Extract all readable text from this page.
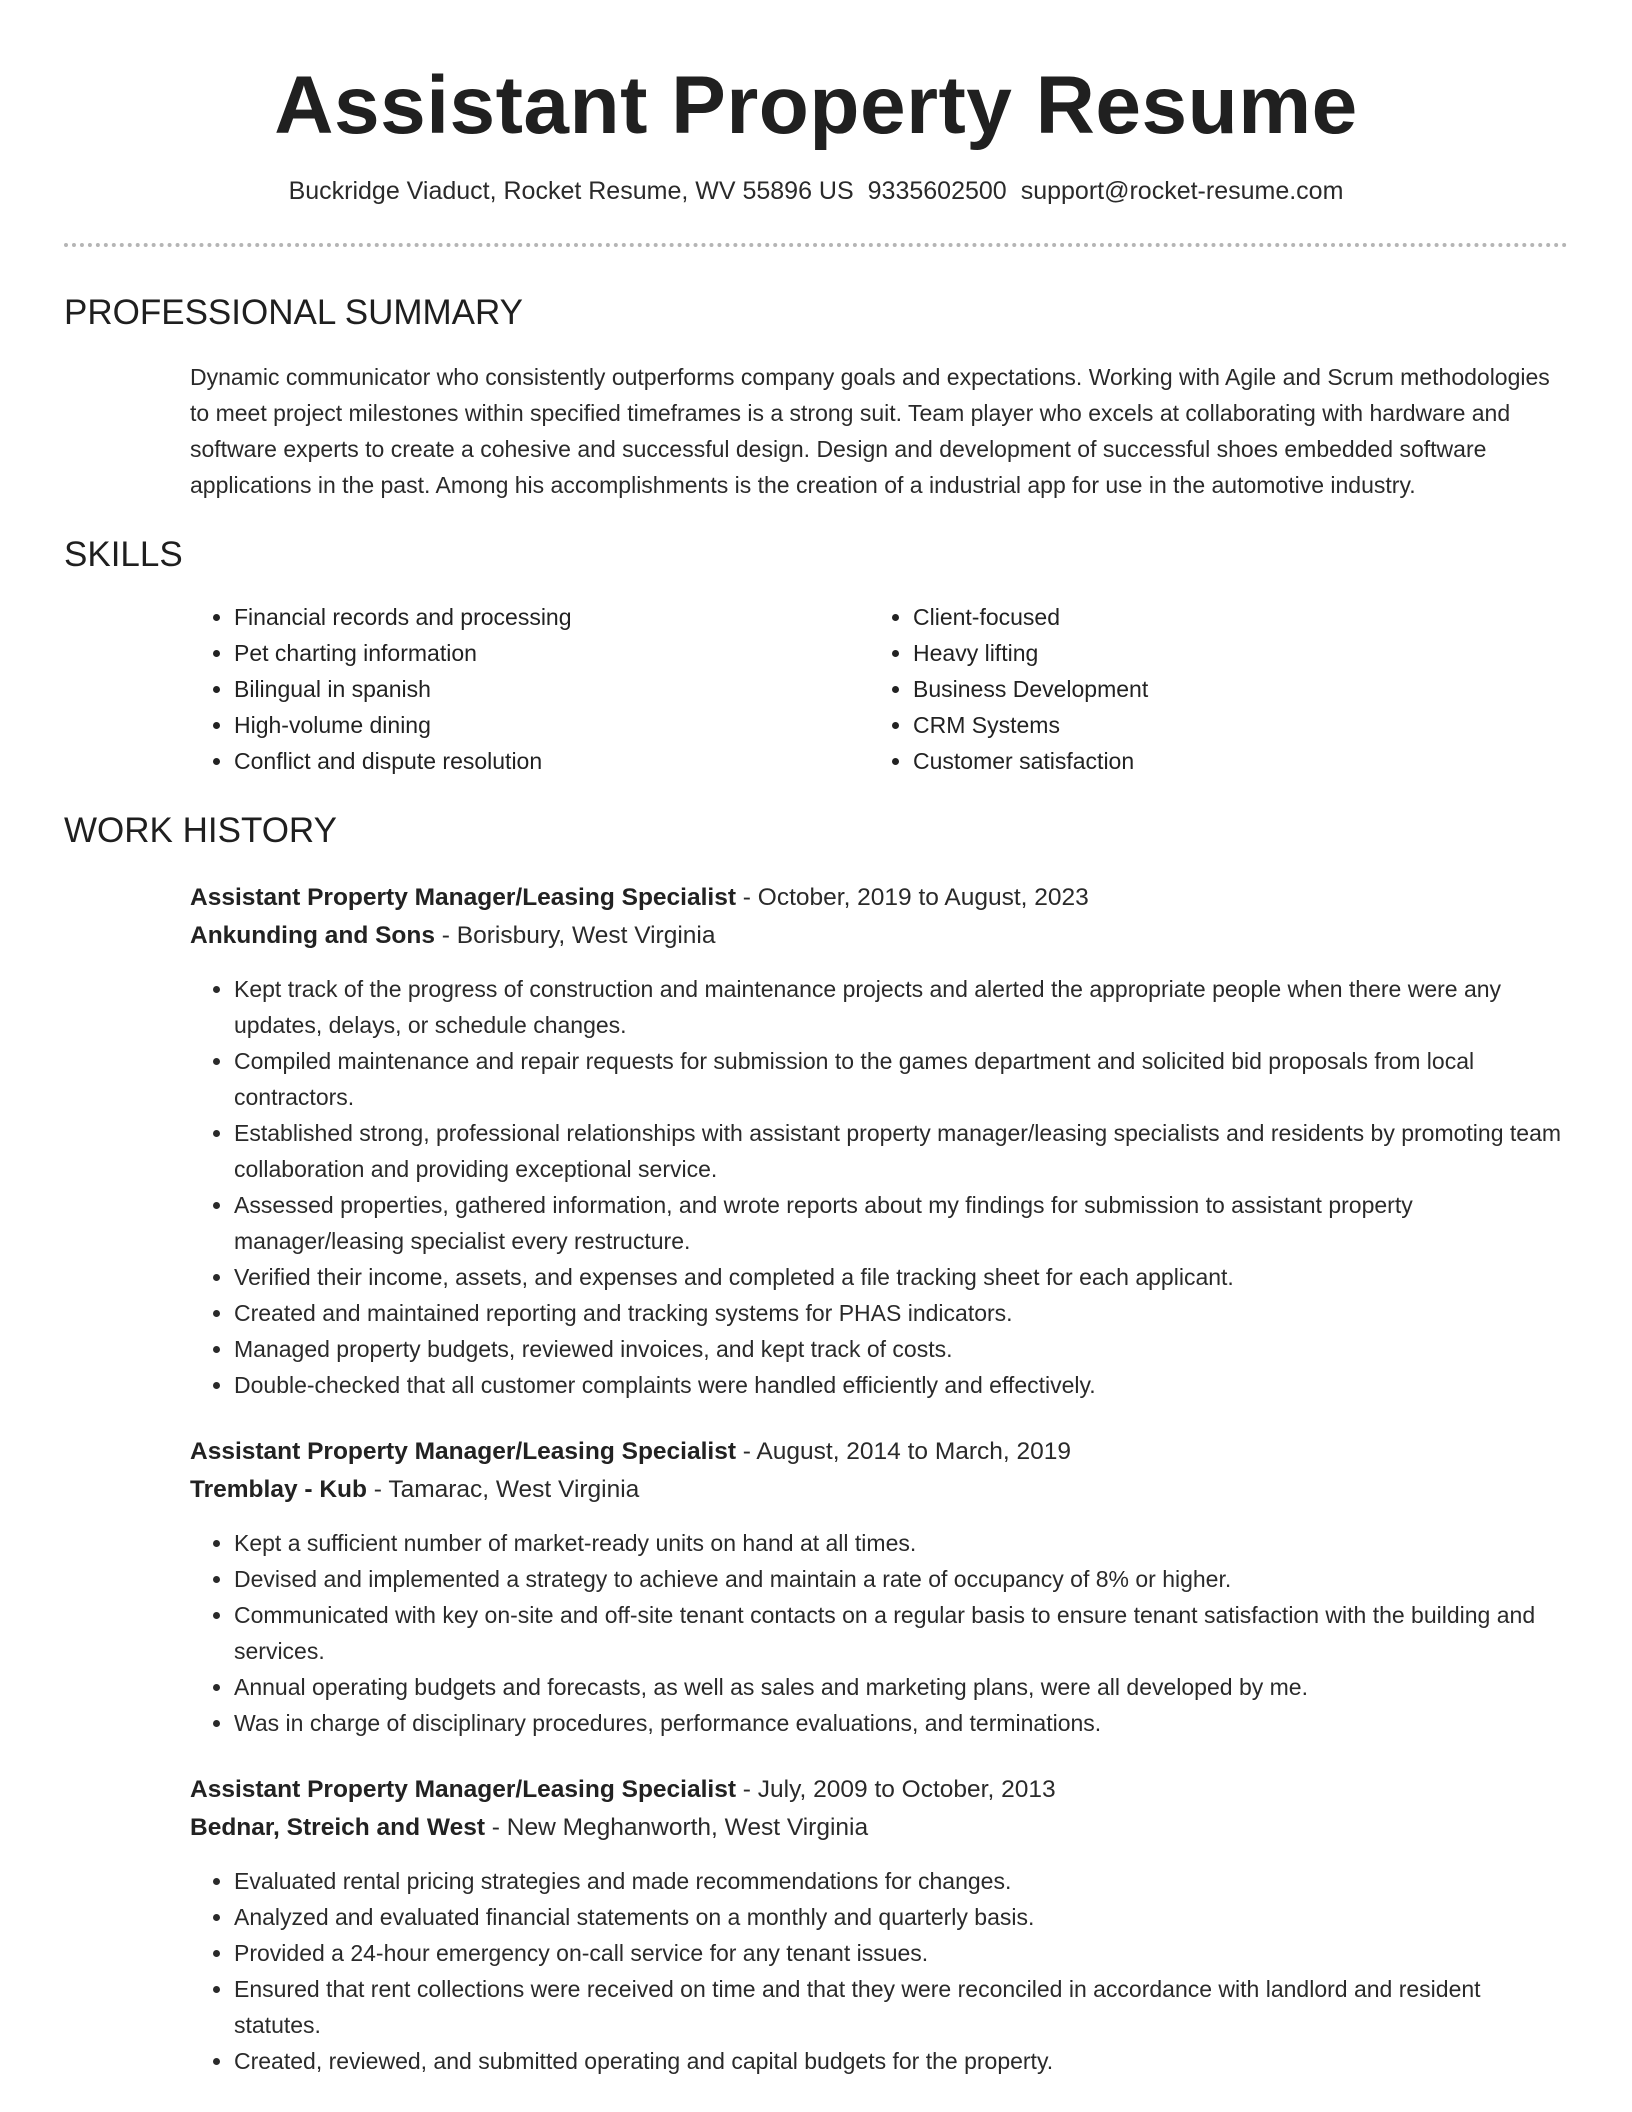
Assistant Property Resume
Buckridge Viaduct, Rocket Resume, WV 55896 US 9335602500 support@rocket-resume.com
PROFESSIONAL SUMMARY
Dynamic communicator who consistently outperforms company goals and expectations. Working with Agile and Scrum methodologies to meet project milestones within specified timeframes is a strong suit. Team player who excels at collaborating with hardware and software experts to create a cohesive and successful design. Design and development of successful shoes embedded software applications in the past. Among his accomplishments is the creation of a industrial app for use in the automotive industry.
SKILLS
• Financial records and processing
• Pet charting information
• Bilingual in spanish
• High-volume dining
• Conflict and dispute resolution
• Client-focused
• Heavy lifting
• Business Development
• CRM Systems
• Customer satisfaction
WORK HISTORY
Assistant Property Manager/Leasing Specialist - October, 2019 to August, 2023
Ankunding and Sons - Borisbury, West Virginia
• Kept track of the progress of construction and maintenance projects and alerted the appropriate people when there were any updates, delays, or schedule changes.
• Compiled maintenance and repair requests for submission to the games department and solicited bid proposals from local contractors.
• Established strong, professional relationships with assistant property manager/leasing specialists and residents by promoting team collaboration and providing exceptional service.
• Assessed properties, gathered information, and wrote reports about my findings for submission to assistant property manager/leasing specialist every restructure.
• Verified their income, assets, and expenses and completed a file tracking sheet for each applicant.
• Created and maintained reporting and tracking systems for PHAS indicators.
• Managed property budgets, reviewed invoices, and kept track of costs.
• Double-checked that all customer complaints were handled efficiently and effectively.
Assistant Property Manager/Leasing Specialist - August, 2014 to March, 2019
Tremblay - Kub - Tamarac, West Virginia
• Kept a sufficient number of market-ready units on hand at all times.
• Devised and implemented a strategy to achieve and maintain a rate of occupancy of 8% or higher.
• Communicated with key on-site and off-site tenant contacts on a regular basis to ensure tenant satisfaction with the building and services.
• Annual operating budgets and forecasts, as well as sales and marketing plans, were all developed by me.
• Was in charge of disciplinary procedures, performance evaluations, and terminations.
Assistant Property Manager/Leasing Specialist - July, 2009 to October, 2013
Bednar, Streich and West - New Meghanworth, West Virginia
• Evaluated rental pricing strategies and made recommendations for changes.
• Analyzed and evaluated financial statements on a monthly and quarterly basis.
• Provided a 24-hour emergency on-call service for any tenant issues.
• Ensured that rent collections were received on time and that they were reconciled in accordance with landlord and resident statutes.
• Created, reviewed, and submitted operating and capital budgets for the property.
